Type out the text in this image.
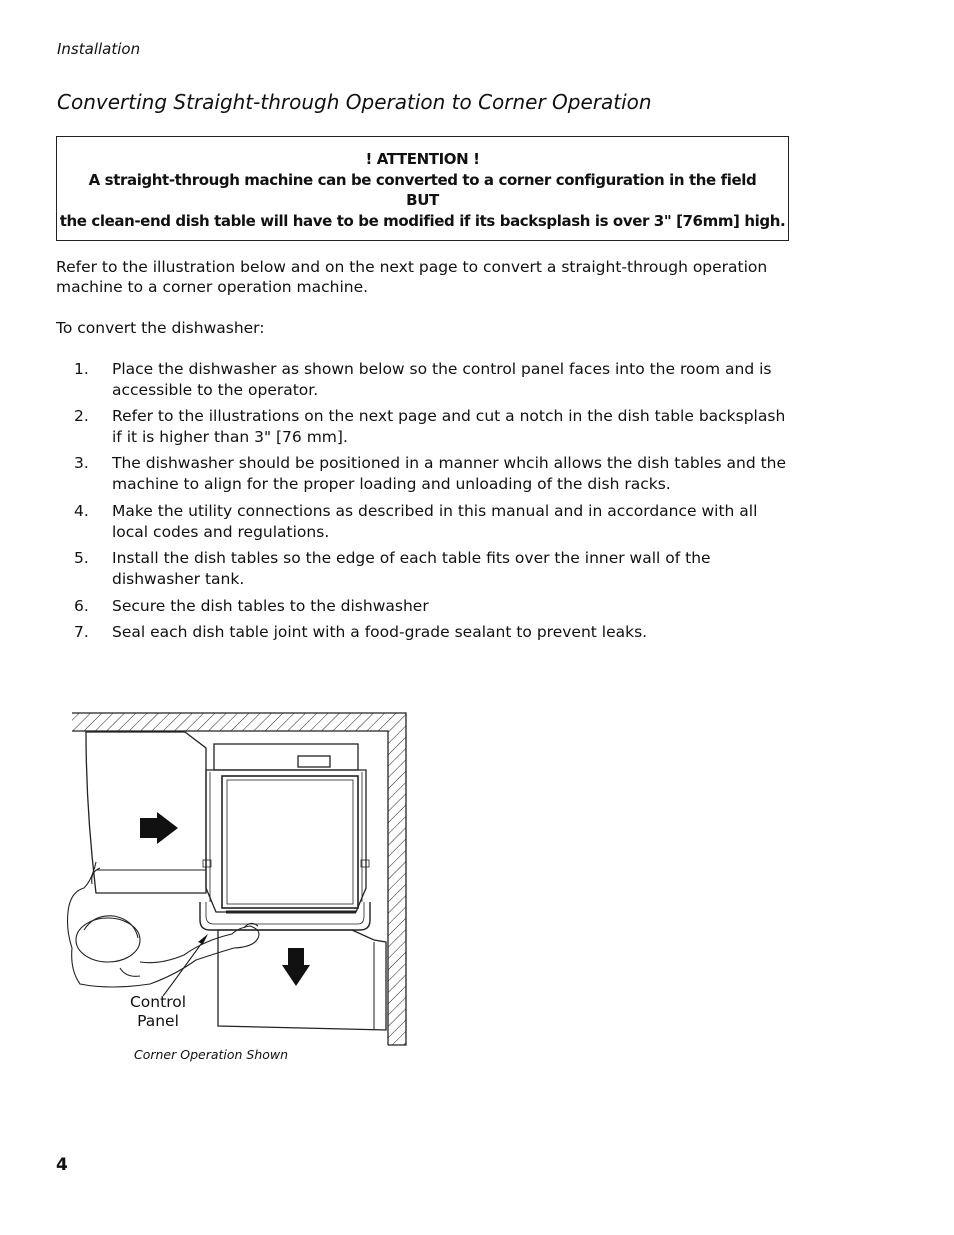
Installation
Converting Straight-through Operation to Corner Operation
! ATTENTION !
A straight-through machine can be converted to a corner configuration in the field
BUT
the clean-end dish table will have to be modified if its backsplash is over 3" [76mm] high.

Refer to the illustration below and on the next page to convert a straight-through operation machine to a corner operation machine.

To convert the dishwasher:

1. Place the dishwasher as shown below so the control panel faces into the room and is accessible to the operator.
2. Refer to the illustrations on the next page and cut a notch in the dish table backsplash if it is higher than 3" [76 mm].
3. The dishwasher should be positioned in a manner whcih allows the dish tables and the machine to align for the proper loading and unloading of the dish racks.
4. Make the utility connections as described in this manual and in accordance with all local codes and regulations.
5. Install the dish tables so the edge of each table fits over the inner wall of the dishwasher tank.
6. Secure the dish tables to the dishwasher
7. Seal each dish table joint with a food-grade sealant to prevent leaks.
Control
Panel
Corner Operation Shown
4
